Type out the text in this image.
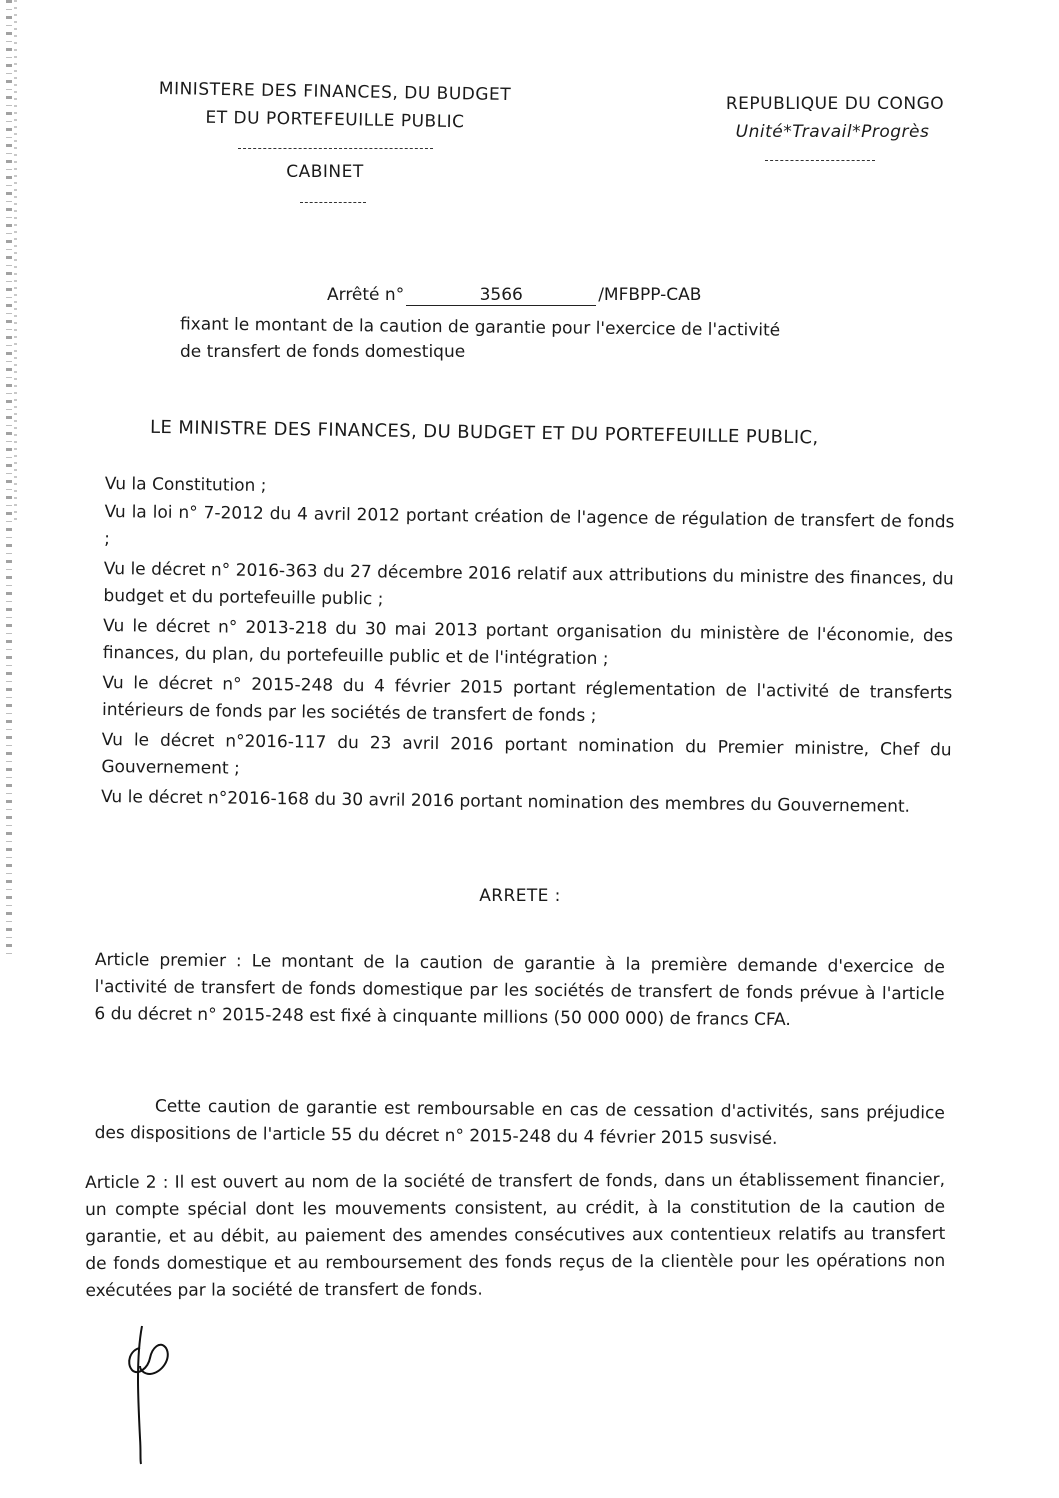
MINISTERE DES FINANCES, DU BUDGET
ET DU PORTEFEUILLE PUBLIC
CABINET
REPUBLIQUE DU CONGO
Unité*Travail*Progrès
Arrêté n°	3566	/MFBPP-CAB
fixant le montant de la caution de garantie pour l'exercice de l'activité
de transfert de fonds domestique
LE MINISTRE DES FINANCES, DU BUDGET ET DU PORTEFEUILLE PUBLIC,

Vu la Constitution ;

Vu la loi n° 7-2012 du 4 avril 2012 portant création de l'agence de régulation de transfert de fonds ;

Vu le décret n° 2016-363 du 27 décembre 2016 relatif aux attributions du ministre des finances, du budget et du portefeuille public ;

Vu le décret n° 2013-218 du 30 mai 2013 portant organisation du ministère de l'économie, des finances, du plan, du portefeuille public et de l'intégration ;

Vu le décret n° 2015-248 du 4 février 2015 portant réglementation de l'activité de transferts intérieurs de fonds par les sociétés de transfert de fonds ;

Vu le décret n°2016-117 du 23 avril 2016 portant nomination du Premier ministre, Chef du Gouvernement ;

Vu le décret n°2016-168 du 30 avril 2016 portant nomination des membres du Gouvernement.

ARRETE :
Article premier : Le montant de la caution de garantie à la première demande d'exercice de l'activité de transfert de fonds domestique par les sociétés de transfert de fonds prévue à l'article 6 du décret n° 2015-248 est fixé à cinquante millions (50 000 000) de francs CFA.
Cette caution de garantie est remboursable en cas de cessation d'activités, sans préjudice des dispositions de l'article 55 du décret n° 2015-248 du 4 février 2015 susvisé.
Article 2 : Il est ouvert au nom de la société de transfert de fonds, dans un établissement financier, un compte spécial dont les mouvements consistent, au crédit, à la constitution de la caution de garantie, et au débit, au paiement des amendes consécutives aux contentieux relatifs au transfert de fonds domestique et au remboursement des fonds reçus de la clientèle pour les opérations non exécutées par la société de transfert de fonds.
